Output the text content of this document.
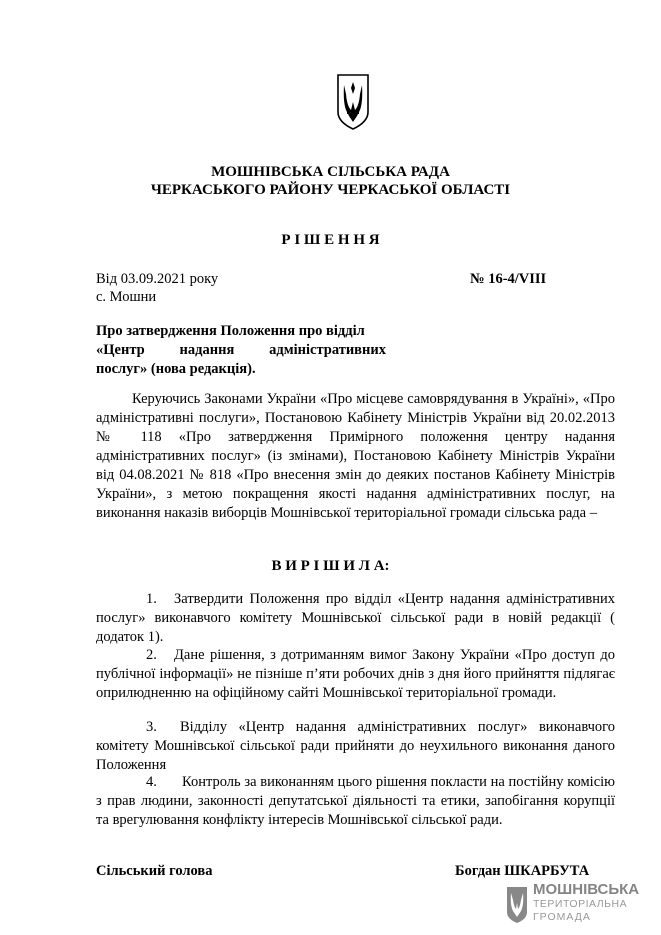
МОШНІВСЬКА СІЛЬСЬКА РАДА
ЧЕРКАСЬКОГО РАЙОНУ ЧЕРКАСЬКОЇ ОБЛАСТІ
Р І Ш Е Н Н Я
Від 03.09.2021 року	№ 16-4/VIII
с. Мошни
Про затвердження Положення про відділ
«Центр надання адміністративних
послуг» (нова редакція).
Керуючись Законами України «Про місцеве самоврядування в Україні», «Про адміністративні послуги», Постановою Кабінету Міністрів України від 20.02.2013 № 118 «Про затвердження Примірного положення центру надання адміністративних послуг» (із змінами), Постановою Кабінету Міністрів України від 04.08.2021 № 818 «Про внесення змін до деяких постанов Кабінету Міністрів України», з метою покращення якості надання адміністративних послуг, на виконання наказів виборців Мошнівської територіальної громади сільська рада –
В И Р І Ш И Л А:
1. Затвердити Положення про відділ «Центр надання адміністративних послуг» виконавчого комітету Мошнівської сільської ради в новій редакції ( додаток 1).
2. Дане рішення, з дотриманням вимог Закону України «Про доступ до публічної інформації» не пізніше п’яти робочих днів з дня його прийняття підлягає оприлюдненню на офіційному сайті Мошнівської територіальної громади.
3. Відділу «Центр надання адміністративних послуг» виконавчого комітету Мошнівської сільської ради прийняти до неухильного виконання даного Положення
4. Контроль за виконанням цього рішення покласти на постійну комісію з прав людини, законності депутатської діяльності та етики, запобігання корупції та врегулювання конфлікту інтересів Мошнівської сільської ради.
Сільський голова	Богдан ШКАРБУТА
МОШНІВСЬКА
ТЕРИТОРІАЛЬНА
ГРОМАДА
